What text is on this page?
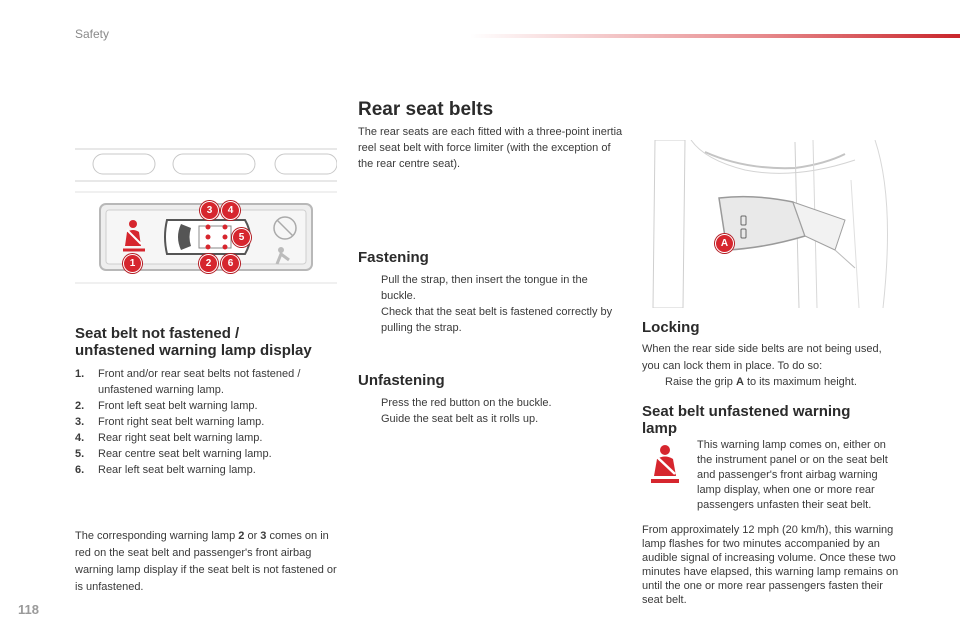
Safety
118
3	4
5
1	2	6
Seat belt not fastened /
unfastened warning lamp display
1. Front and/or rear seat belts not fastened / unfastened warning lamp.
2. Front left seat belt warning lamp.
3. Front right seat belt warning lamp.
4. Rear right seat belt warning lamp.
5. Rear centre seat belt warning lamp.
6. Rear left seat belt warning lamp.
The corresponding warning lamp 2 or 3 comes on in red on the seat belt and passenger's front airbag warning lamp display if the seat belt is not fastened or is unfastened.
Rear seat belts
The rear seats are each fitted with a three-point inertia reel seat belt with force limiter (with the exception of the rear centre seat).
Fastening
Pull the strap, then insert the tongue in the buckle.
Check that the seat belt is fastened correctly by pulling the strap.
Unfastening
Press the red button on the buckle.
Guide the seat belt as it rolls up.
A
Locking
When the rear side side belts are not being used, you can lock them in place. To do so:
Raise the grip A to its maximum height.
Seat belt unfastened warning
lamp
This warning lamp comes on, either on the instrument panel or on the seat belt and passenger's front airbag warning lamp display, when one or more rear passengers unfasten their seat belt.
From approximately 12 mph (20 km/h), this warning lamp flashes for two minutes accompanied by an audible signal of increasing volume. Once these two minutes have elapsed, this warning lamp remains on until the one or more rear passengers fasten their seat belt.
